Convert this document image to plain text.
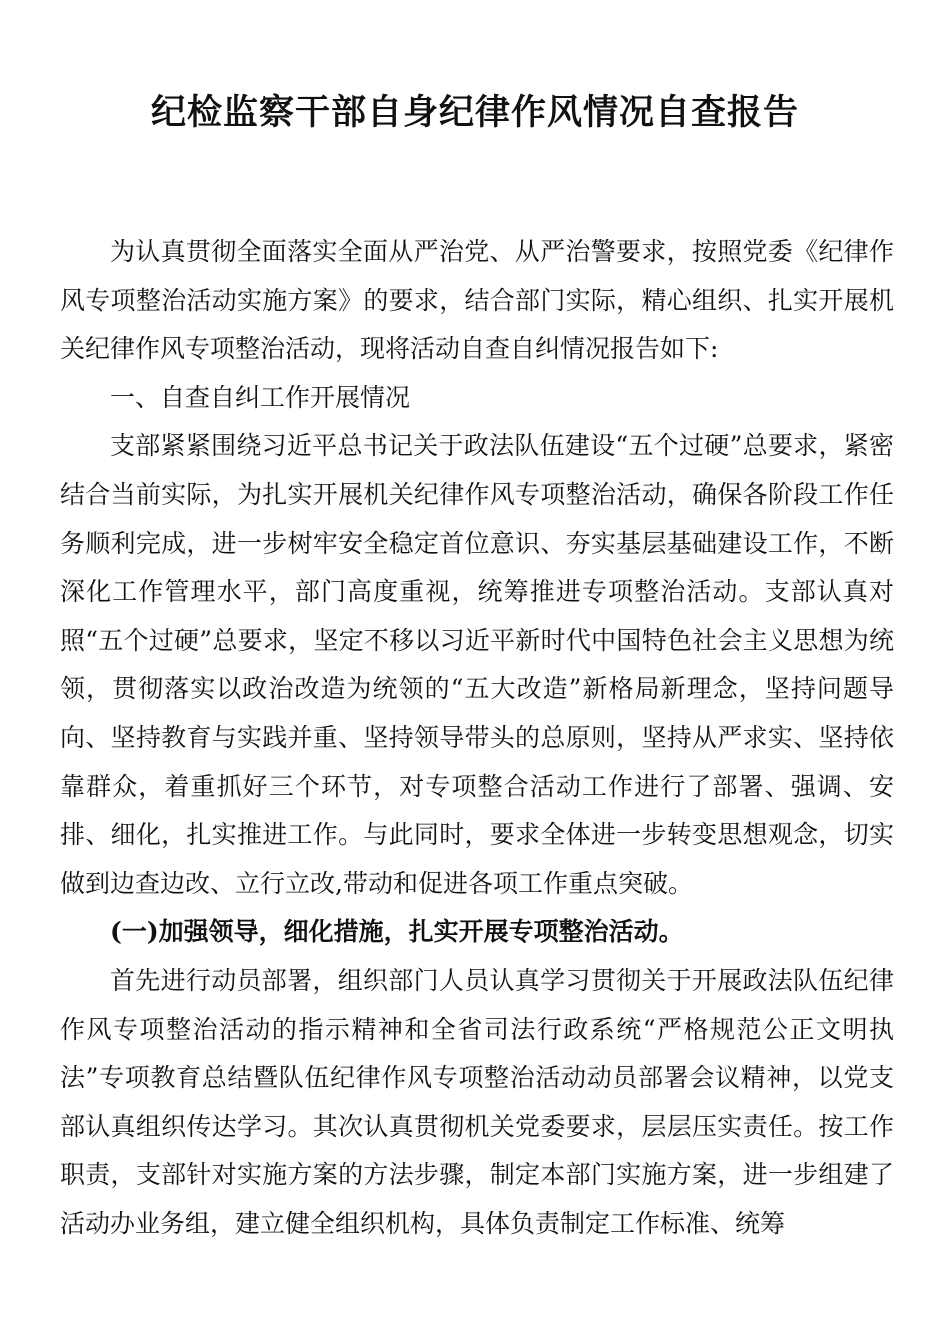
纪检监察干部自身纪律作风情况自查报告

为认真贯彻全面落实全面从严治党、从严治警要求，按照党委《纪律作风专项整治活动实施方案》的要求，结合部门实际，精心组织、扎实开展机关纪律作风专项整治活动，现将活动自查自纠情况报告如下:

一、自查自纠工作开展情况

支部紧紧围绕习近平总书记关于政法队伍建设“五个过硬”总要求，紧密结合当前实际，为扎实开展机关纪律作风专项整治活动，确保各阶段工作任务顺利完成，进一步树牢安全稳定首位意识、夯实基层基础建设工作，不断深化工作管理水平，部门高度重视，统筹推进专项整治活动。支部认真对照“五个过硬”总要求，坚定不移以习近平新时代中国特色社会主义思想为统领，贯彻落实以政治改造为统领的“五大改造”新格局新理念，坚持问题导向、坚持教育与实践并重、坚持领导带头的总原则，坚持从严求实、坚持依靠群众，着重抓好三个环节，对专项整合活动工作进行了部署、强调、安排、细化，扎实推进工作。与此同时，要求全体进一步转变思想观念，切实做到边查边改、立行立改,带动和促进各项工作重点突破。

(一)加强领导，细化措施，扎实开展专项整治活动。

首先进行动员部署，组织部门人员认真学习贯彻关于开展政法队伍纪律作风专项整治活动的指示精神和全省司法行政系统“严格规范公正文明执法”专项教育总结暨队伍纪律作风专项整治活动动员部署会议精神，以党支部认真组织传达学习。其次认真贯彻机关党委要求，层层压实责任。按工作职责，支部针对实施方案的方法步骤，制定本部门实施方案，进一步组建了活动办业务组，建立健全组织机构，具体负责制定工作标准、统筹
